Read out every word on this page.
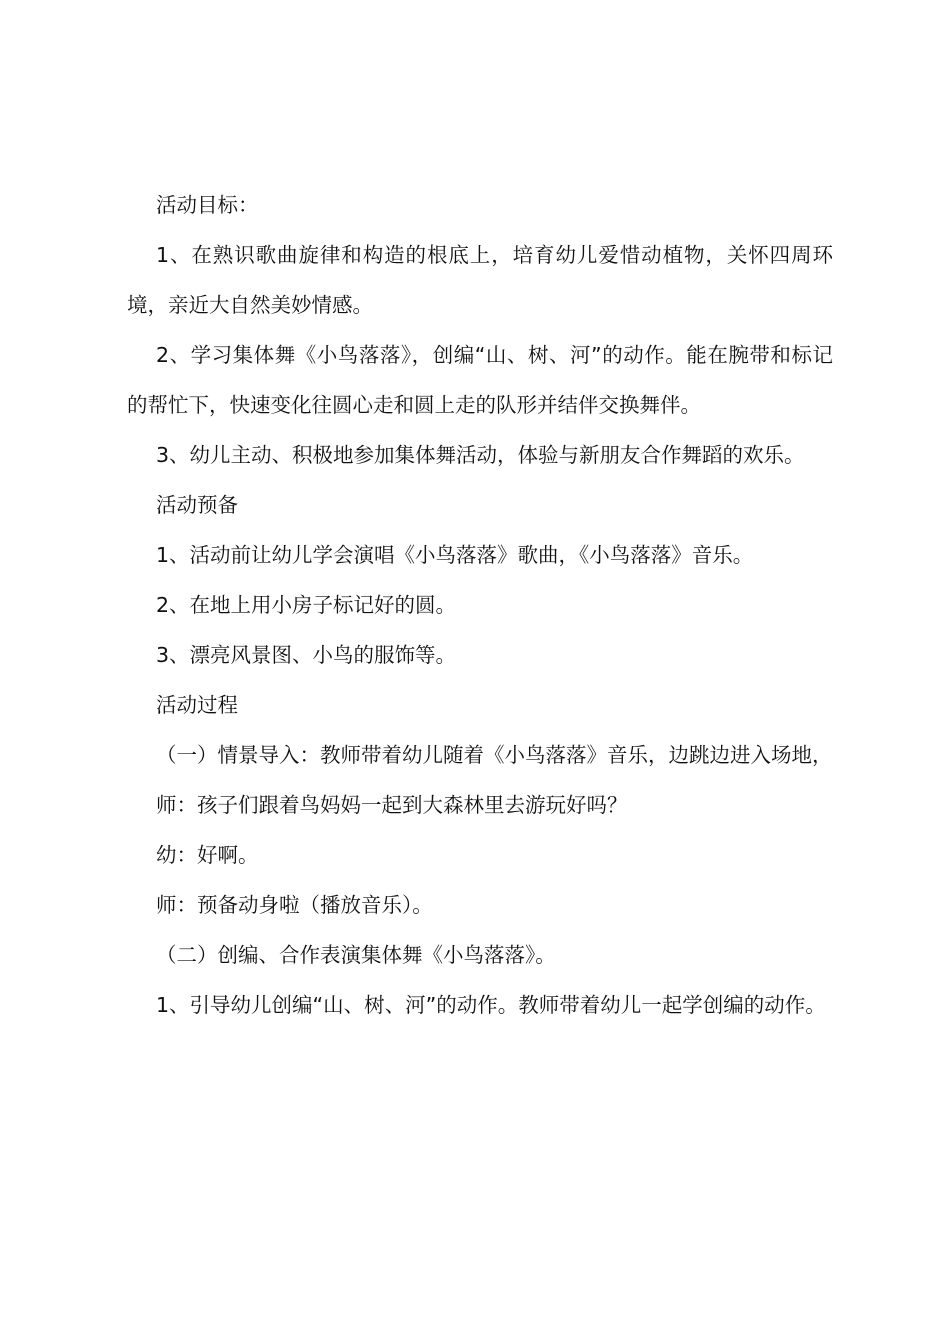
活动目标：

1、在熟识歌曲旋律和构造的根底上，培育幼儿爱惜动植物，关怀四周环境，亲近大自然美妙情感。

2、学习集体舞《小鸟落落》，创编“山、树、河”的动作。能在腕带和标记的帮忙下，快速变化往圆心走和圆上走的队形并结伴交换舞伴。

3、幼儿主动、积极地参加集体舞活动，体验与新朋友合作舞蹈的欢乐。

活动预备

1、活动前让幼儿学会演唱《小鸟落落》歌曲，《小鸟落落》音乐。

2、在地上用小房子标记好的圆。

3、漂亮风景图、小鸟的服饰等。

活动过程

（一）情景导入：教师带着幼儿随着《小鸟落落》音乐，边跳边进入场地，

师：孩子们跟着鸟妈妈一起到大森林里去游玩好吗？

幼：好啊。

师：预备动身啦（播放音乐）。

（二）创编、合作表演集体舞《小鸟落落》。

1、引导幼儿创编“山、树、河”的动作。教师带着幼儿一起学创编的动作。
